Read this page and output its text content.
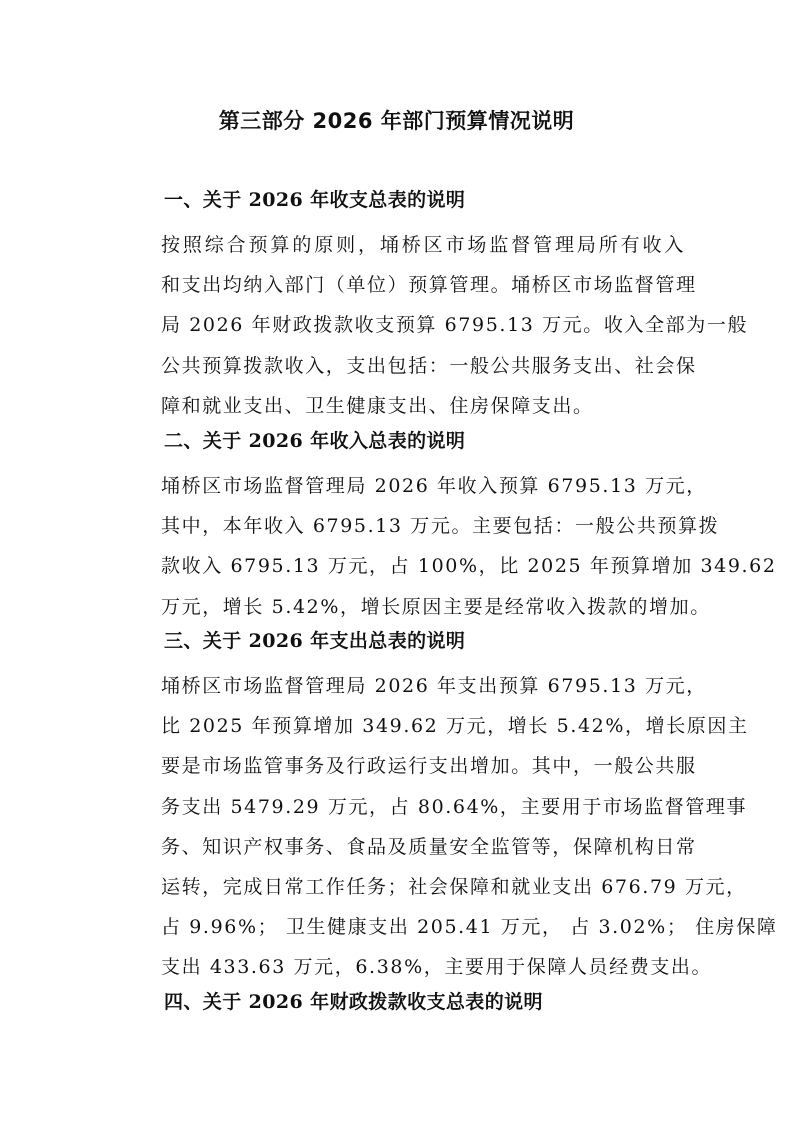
第三部分 2026 年部门预算情况说明
一、关于 2026 年收支总表的说明

按照综合预算的原则，埇桥区市场监督管理局所有收入
和支出均纳入部门（单位）预算管理。埇桥区市场监督管理
局 2026 年财政拨款收支预算 6795.13 万元。收入全部为一般
公共预算拨款收入，支出包括：一般公共服务支出、社会保
障和就业支出、卫生健康支出、住房保障支出。

二、关于 2026 年收入总表的说明

埇桥区市场监督管理局 2026 年收入预算 6795.13 万元，
其中，本年收入 6795.13 万元。主要包括：一般公共预算拨
款收入 6795.13 万元，占 100%，比 2025 年预算增加 349.62
万元，增长 5.42%，增长原因主要是经常收入拨款的增加。

三、关于 2026 年支出总表的说明

埇桥区市场监督管理局 2026 年支出预算 6795.13 万元，
比 2025 年预算增加 349.62 万元，增长 5.42%，增长原因主
要是市场监管事务及行政运行支出增加。其中，一般公共服
务支出 5479.29 万元，占 80.64%，主要用于市场监督管理事
务、知识产权事务、食品及质量安全监管等，保障机构日常
运转，完成日常工作任务；社会保障和就业支出 676.79 万元，
占 9.96%； 卫生健康支出 205.41 万元， 占 3.02%； 住房保障
支出 433.63 万元，6.38%，主要用于保障人员经费支出。

四、关于 2026 年财政拨款收支总表的说明
